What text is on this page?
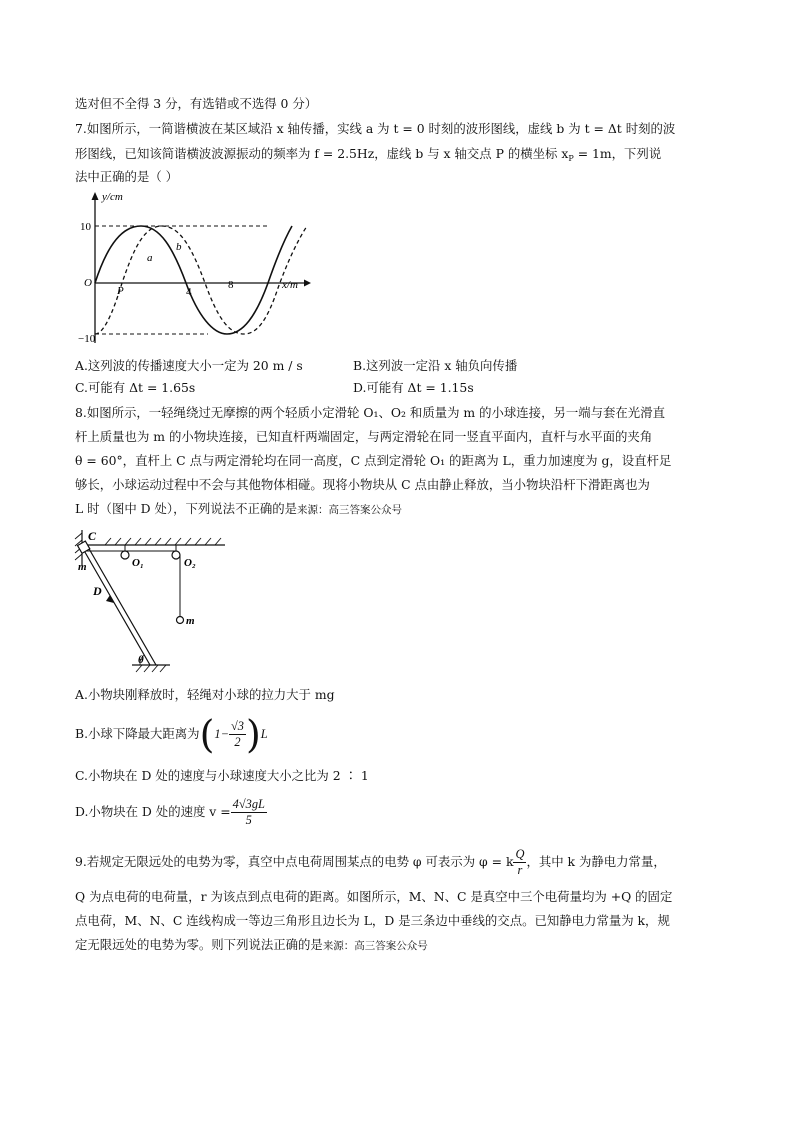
选对但不全得 3 分，有选错或不选得 0 分）
7.如图所示，一简谐横波在某区域沿 x 轴传播，实线 a 为 t = 0 时刻的波形图线，虚线 b 为 t = Δt 时刻的波
形图线，已知该简谐横波波源振动的频率为 f = 2.5Hz，虚线 b 与 x 轴交点 P 的横坐标 $x_P = 1m$，下列说
法中正确的是（ ）
y/cm
10
−10
O
4
8	x/m
a
b
P
A.这列波的传播速度大小一定为 20 m / s	B.这列波一定沿 x 轴负向传播
C.可能有 Δt = 1.65s	D.可能有 Δt = 1.15s
8.如图所示，一轻绳绕过无摩擦的两个轻质小定滑轮 O₁、O₂ 和质量为 m 的小球连接，另一端与套在光滑直
杆上质量也为 m 的小物块连接，已知直杆两端固定，与两定滑轮在同一竖直平面内，直杆与水平面的夹角
θ = 60°，直杆上 C 点与两定滑轮均在同一高度，C 点到定滑轮 O₁ 的距离为 L，重力加速度为 g，设直杆足
够长，小球运动过程中不会与其他物体相碰。现将小物块从 C 点由静止释放，当小物块沿杆下滑距离也为
L 时（图中 D 处），下列说法不正确的是来源：高三答案公众号
C
O₁	O₂
m
D
m
θ
A.小物块刚释放时，轻绳对小球的拉力大于 mg
B.小球下降最大距离为$(1- \frac{√3}{2} )L$
C.小物块在 D 处的速度与小球速度大小之比为 2 ∶ 1
D.小物块在 D 处的速度 $v = \frac{4√3gL}{5}$
9.若规定无限远处的电势为零，真空中点电荷周围某点的电势 φ 可表示为 φ = k $\frac{Q}{r}$ ，其中 k 为静电力常量，
Q 为点电荷的电荷量，r 为该点到点电荷的距离。如图所示，M、N、C 是真空中三个电荷量均为 +Q 的固定
点电荷，M、N、C 连线构成一等边三角形且边长为 L，D 是三条边中垂线的交点。已知静电力常量为 k，规
定无限远处的电势为零。则下列说法正确的是来源：高三答案公众号
